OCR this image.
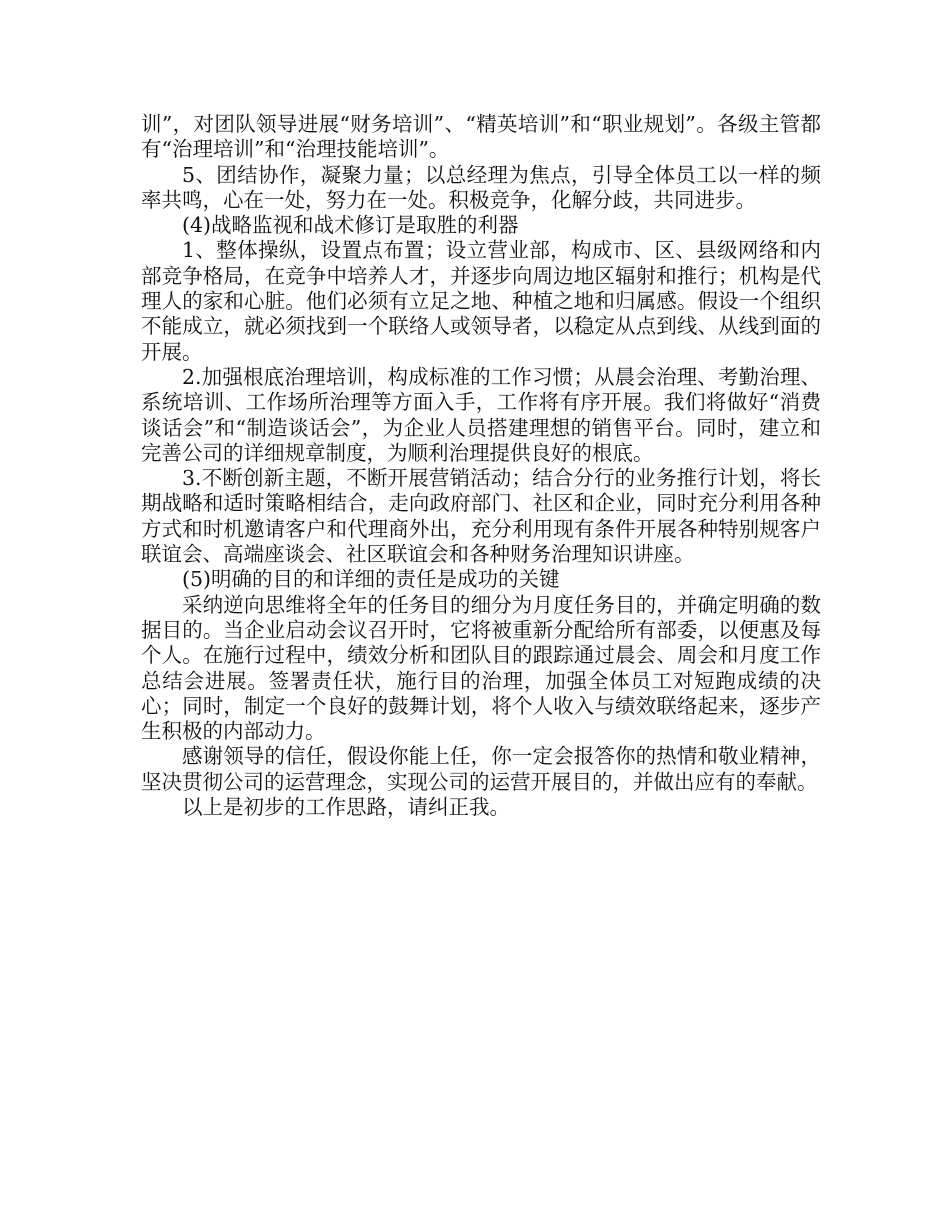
训”，对团队领导进展“财务培训”、“精英培训”和“职业规划”。各级主管都有“治理培训”和“治理技能培训”。

5、团结协作，凝聚力量；以总经理为焦点，引导全体员工以一样的频率共鸣，心在一处，努力在一处。积极竞争，化解分歧，共同进步。

(4)战略监视和战术修订是取胜的利器

1、整体操纵，设置点布置；设立营业部，构成市、区、县级网络和内部竞争格局，在竞争中培养人才，并逐步向周边地区辐射和推行；机构是代理人的家和心脏。他们必须有立足之地、种植之地和归属感。假设一个组织不能成立，就必须找到一个联络人或领导者，以稳定从点到线、从线到面的开展。

2.加强根底治理培训，构成标准的工作习惯；从晨会治理、考勤治理、系统培训、工作场所治理等方面入手，工作将有序开展。我们将做好“消费谈话会”和“制造谈话会”，为企业人员搭建理想的销售平台。同时，建立和完善公司的详细规章制度，为顺利治理提供良好的根底。

3.不断创新主题，不断开展营销活动；结合分行的业务推行计划，将长期战略和适时策略相结合，走向政府部门、社区和企业，同时充分利用各种方式和时机邀请客户和代理商外出，充分利用现有条件开展各种特别规客户联谊会、高端座谈会、社区联谊会和各种财务治理知识讲座。

(5)明确的目的和详细的责任是成功的关键

采纳逆向思维将全年的任务目的细分为月度任务目的，并确定明确的数据目的。当企业启动会议召开时，它将被重新分配给所有部委，以便惠及每个人。在施行过程中，绩效分析和团队目的跟踪通过晨会、周会和月度工作总结会进展。签署责任状，施行目的治理，加强全体员工对短跑成绩的决心；同时，制定一个良好的鼓舞计划，将个人收入与绩效联络起来，逐步产生积极的内部动力。

感谢领导的信任，假设你能上任，你一定会报答你的热情和敬业精神，坚决贯彻公司的运营理念，实现公司的运营开展目的，并做出应有的奉献。

以上是初步的工作思路，请纠正我。
